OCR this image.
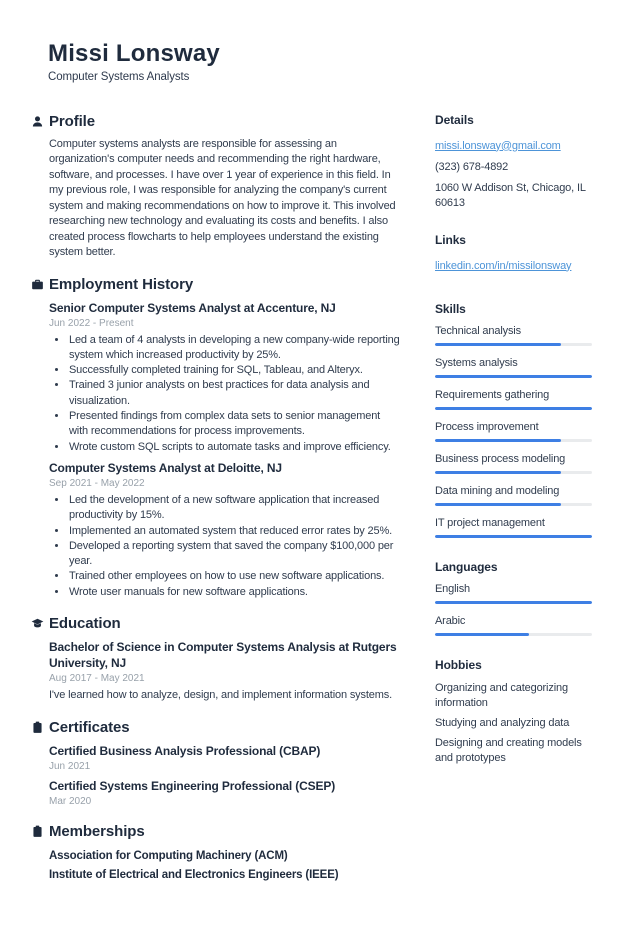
Missi Lonsway
Computer Systems Analysts
Profile

Computer systems analysts are responsible for assessing an organization's computer needs and recommending the right hardware, software, and processes. I have over 1 year of experience in this field. In my previous role, I was responsible for analyzing the company's current system and making recommendations on how to improve it. This involved researching new technology and evaluating its costs and benefits. I also created process flowcharts to help employees understand the existing system better.

Employment History
Senior Computer Systems Analyst at Accenture, NJ
Jun 2022 - Present
• Led a team of 4 analysts in developing a new company-wide reporting system which increased productivity by 25%.
• Successfully completed training for SQL, Tableau, and Alteryx.
• Trained 3 junior analysts on best practices for data analysis and visualization.
• Presented findings from complex data sets to senior management with recommendations for process improvements.
• Wrote custom SQL scripts to automate tasks and improve efficiency.
Computer Systems Analyst at Deloitte, NJ
Sep 2021 - May 2022
• Led the development of a new software application that increased productivity by 15%.
• Implemented an automated system that reduced error rates by 25%.
• Developed a reporting system that saved the company $100,000 per year.
• Trained other employees on how to use new software applications.
• Wrote user manuals for new software applications.
Education
Bachelor of Science in Computer Systems Analysis at Rutgers University, NJ
Aug 2017 - May 2021

I've learned how to analyze, design, and implement information systems.

Certificates
Certified Business Analysis Professional (CBAP)
Jun 2021
Certified Systems Engineering Professional (CSEP)
Mar 2020
Memberships
Association for Computing Machinery (ACM)
Institute of Electrical and Electronics Engineers (IEEE)
Details
missi.lonsway@gmail.com
(323) 678-4892
1060 W Addison St, Chicago, IL 60613
Links
linkedin.com/in/missilonsway
Skills
Technical analysis
Systems analysis
Requirements gathering
Process improvement
Business process modeling
Data mining and modeling
IT project management
Languages
English
Arabic
Hobbies
Organizing and categorizing information
Studying and analyzing data
Designing and creating models and prototypes
